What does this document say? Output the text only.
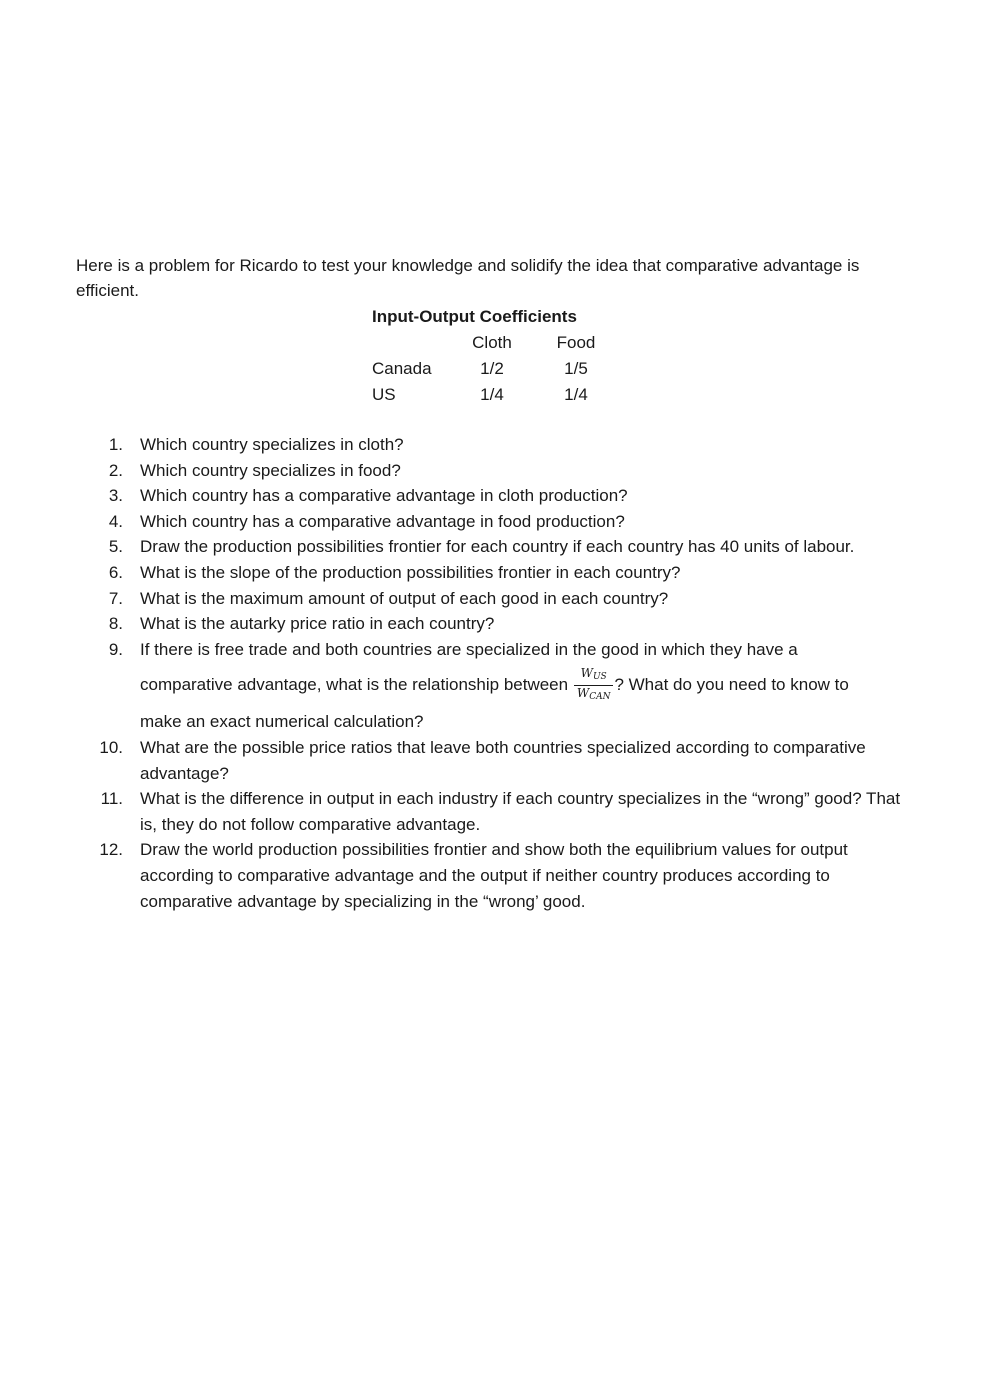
Here is a problem for Ricardo to test your knowledge and solidify the idea that comparative advantage is efficient.

Input-Output Coefficients		
	Cloth	Food
Canada	1/2	1/5
US	1/4	1/4
1. Which country specializes in cloth?
2. Which country specializes in food?
3. Which country has a comparative advantage in cloth production?
4. Which country has a comparative advantage in food production?
5. Draw the production possibilities frontier for each country if each country has 40 units of labour.
6. What is the slope of the production possibilities frontier in each country?
7. What is the maximum amount of output of each good in each country?
8. What is the autarky price ratio in each country?
9. If there is free trade and both countries are specialized in the good in which they have a
comparative advantage, what is the relationship between $\frac{W_{US}}{W_{CAN}}$ ? What do you need to know to
make an exact numerical calculation?
10. What are the possible price ratios that leave both countries specialized according to comparative advantage?
11. What is the difference in output in each industry if each country specializes in the “wrong” good? That is, they do not follow comparative advantage.
12. Draw the world production possibilities frontier and show both the equilibrium values for output according to comparative advantage and the output if neither country produces according to comparative advantage by specializing in the “wrong’ good.
